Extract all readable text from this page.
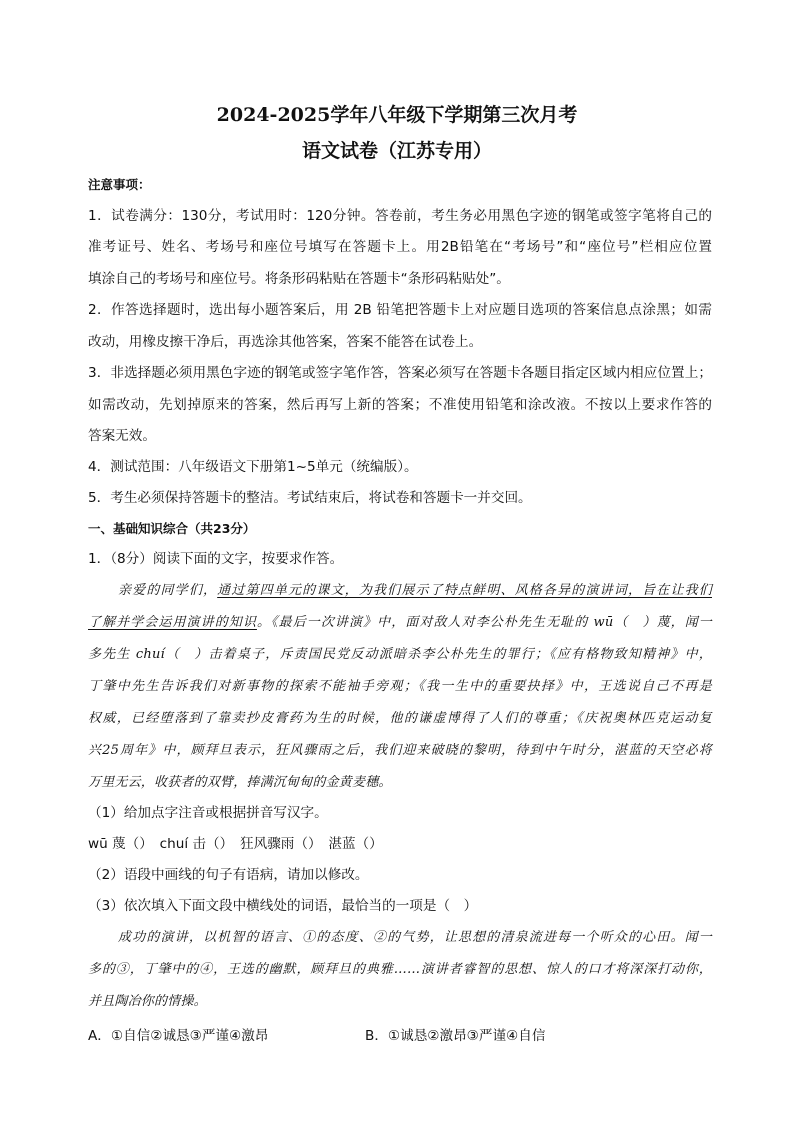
2024-2025学年八年级下学期第三次月考
语文试卷（江苏专用）
注意事项：
1．试卷满分：130分，考试用时：120分钟。答卷前，考生务必用黑色字迹的钢笔或签字笔将自己的
准考证号、姓名、考场号和座位号填写在答题卡上。用2B铅笔在“考场号”和“座位号”栏相应位置
填涂自己的考场号和座位号。将条形码粘贴在答题卡“条形码粘贴处”。
2．作答选择题时，选出每小题答案后，用 2B 铅笔把答题卡上对应题目选项的答案信息点涂黑；如需
改动，用橡皮擦干净后，再选涂其他答案，答案不能答在试卷上。
3．非选择题必须用黑色字迹的钢笔或签字笔作答，答案必须写在答题卡各题目指定区域内相应位置上；
如需改动，先划掉原来的答案，然后再写上新的答案；不准使用铅笔和涂改液。不按以上要求作答的
答案无效。
4．测试范围：八年级语文下册第1~5单元（统编版）。
5．考生必须保持答题卡的整洁。考试结束后，将试卷和答题卡一并交回。
一、基础知识综合（共23分）
1．（8分）阅读下面的文字，按要求作答。
亲爱的同学们，通过第四单元的课文，为我们展示了特点鲜明、风格各异的演讲词，旨在让我们
了解并学会运用演讲的知识。《最后一次讲演》中，面对敌人对李公朴先生无耻的 wū（　）蔑，闻一
多先生 chuí（　）击着桌子，斥责国民党反动派暗杀李公朴先生的罪行；《应有格物致知精神》中，
丁肇中先生告诉我们对新事物的探索不能袖手旁观；《我一生中的重要抉择》中，王选说自己不再是
权威，已经堕落到了靠卖抄皮膏药为生的时候，他的谦虚博得了人们的尊重；《庆祝奥林匹克运动复
兴25周年》中，顾拜旦表示，狂风骤雨之后，我们迎来破晓的黎明，待到中午时分，湛蓝的天空必将
万里无云，收获者的双臂，捧满沉甸甸的金黄麦穗。
（1）给加点字注音或根据拼音写汉字。
wū 蔑（）　chuí 击（）　狂风骤雨（）　湛蓝（）
（2）语段中画线的句子有语病，请加以修改。
（3）依次填入下面文段中横线处的词语，最恰当的一项是（　）
成功的演讲，以机智的语言、①的态度、②的气势，让思想的清泉流进每一个听众的心田。闻一
多的③，丁肇中的④，王选的幽默，顾拜旦的典雅……演讲者睿智的思想、惊人的口才将深深打动你，
并且陶冶你的情操。
A．①自信②诚恳③严谨④激昂	B．①诚恳②激昂③严谨④自信
